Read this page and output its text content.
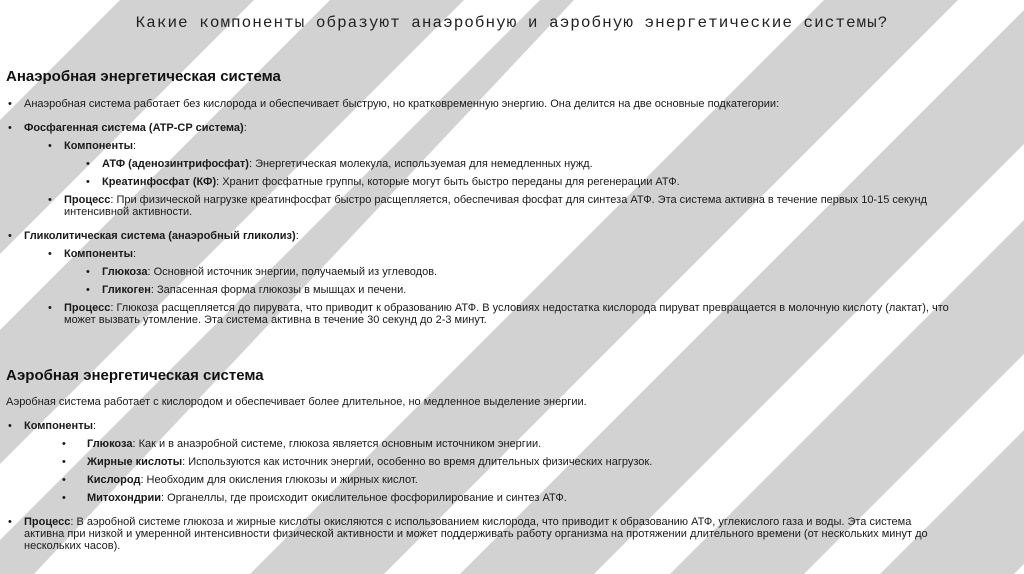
Какие компоненты образуют анаэробную и аэробную энергетические системы?
Анаэробная энергетическая система
• Анаэробная система работает без кислорода и обеспечивает быструю, но кратковременную энергию. Она делится на две основные подкатегории:
• Фосфагенная система (ATP-CP система):
• Компоненты:
• АТФ (аденозинтрифосфат): Энергетическая молекула, используемая для немедленных нужд.
• Креатинфосфат (КФ): Хранит фосфатные группы, которые могут быть быстро переданы для регенерации АТФ.
• Процесс: При физической нагрузке креатинфосфат быстро расщепляется, обеспечивая фосфат для синтеза АТФ. Эта система активна в течение первых 10-15 секунд
интенсивной активности.
• Гликолитическая система (анаэробный гликолиз):
• Компоненты:
• Глюкоза: Основной источник энергии, получаемый из углеводов.
• Гликоген: Запасенная форма глюкозы в мышцах и печени.
• Процесс: Глюкоза расщепляется до пирувата, что приводит к образованию АТФ. В условиях недостатка кислорода пируват превращается в молочную кислоту (лактат), что
может вызвать утомление. Эта система активна в течение 30 секунд до 2-3 минут.
Аэробная энергетическая система
Аэробная система работает с кислородом и обеспечивает более длительное, но медленное выделение энергии.
• Компоненты:
• Глюкоза: Как и в анаэробной системе, глюкоза является основным источником энергии.
• Жирные кислоты: Используются как источник энергии, особенно во время длительных физических нагрузок.
• Кислород: Необходим для окисления глюкозы и жирных кислот.
• Митохондрии: Органеллы, где происходит окислительное фосфорилирование и синтез АТФ.
• Процесс: В аэробной системе глюкоза и жирные кислоты окисляются с использованием кислорода, что приводит к образованию АТФ, углекислого газа и воды. Эта система
активна при низкой и умеренной интенсивности физической активности и может поддерживать работу организма на протяжении длительного времени (от нескольких минут до
нескольких часов).
